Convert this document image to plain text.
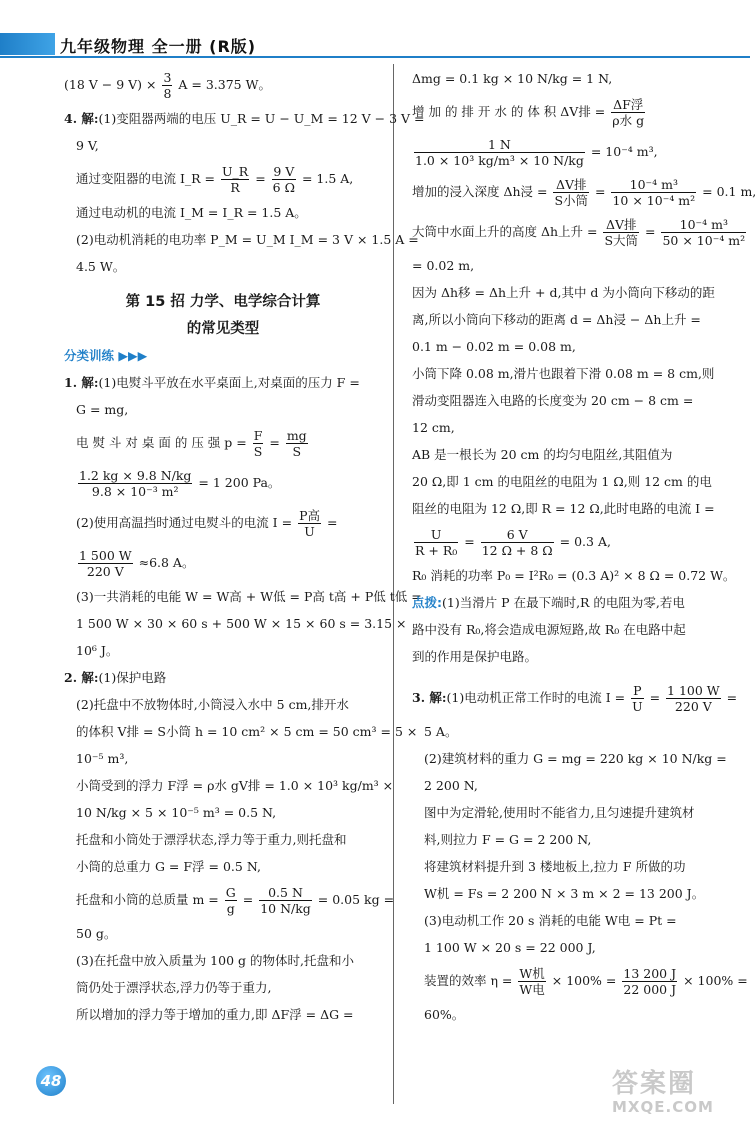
九年级物理 全一册 (R版)

(18 V − 9 $V) \times \frac{3}{8}$ A = 3.375 W。

4. 解:(1)变阻器两端的电压 U_R = U − U_M = 12 V − 3 V =

9 V,

通过变阻器的电流 I_R = $\frac{U\_R}{R} = \frac{9 V}{6 \Omega} = 1.5$ A,

通过电动机的电流 I_M = I_R = 1.5 A。

(2)电动机消耗的电功率 P_M = U_M I_M = 3 V × 1.5 A =

4.5 W。

第 15 招 力学、电学综合计算

的常见类型

分类训练 ▶▶▶

1. 解:(1)电熨斗平放在水平桌面上,对桌面的压力 F =

G = mg,

电 熨 斗 对 桌 面 的 压 强 $p = \frac{F}{S} = \frac{mg}{S}$

$\frac{1.2 kg \times 9.8 N/kg}{\text{9.8 × 10⁻³ m²}} = 1$ 200 Pa。

(2)使用高温挡时通过电熨斗的电流 $I = \frac{\text{P高}}{U}$ =

$\frac{1 500 W}{220 V} \approx 6.8$ A。

(3)一共消耗的电能 W = W高 + W低 = P高 t高 + P低 t低 =

1 500 W × 30 × 60 s + 500 W × 15 × 60 s = 3.15 ×

10⁶ J。

2. 解:(1)保护电路

(2)托盘中不放物体时,小筒浸入水中 5 cm,排开水

的体积 V排 = S小筒 h = 10 cm² × 5 cm = 50 cm³ = 5 ×

10⁻⁵ m³,

小筒受到的浮力 F浮 = ρ水 gV排 = 1.0 × 10³ kg/m³ ×

10 N/kg × 5 × 10⁻⁵ m³ = 0.5 N,

托盘和小筒处于漂浮状态,浮力等于重力,则托盘和

小筒的总重力 G = F浮 = 0.5 N,

托盘和小筒的总质量 $m = \frac{G}{g} = \frac{0.5 N}{10 N/kg} = 0.05$ kg =

50 g。

(3)在托盘中放入质量为 100 g 的物体时,托盘和小

筒仍处于漂浮状态,浮力仍等于重力,

所以增加的浮力等于增加的重力,即 ΔF浮 = ΔG =

Δmg = 0.1 kg × 10 N/kg = 1 N,

增 加 的 排 开 水 的 体 积 ΔV排 = $\frac{\text{ΔF浮}}{\text{ρ水 g}}$

$\frac{1 N}{\text{1.0 × 10³ kg/m³ × 10 N/kg}} = 10^{-4}$ m³,

增加的浸入深度 Δh浸 = $\frac{\text{ΔV排}}{\text{S小筒}} = \frac{\text{10⁻⁴ m³}}{\text{10 × 10⁻⁴ m²}} = 0.1$ m,

大筒中水面上升的高度 Δh上升 = $\frac{\text{ΔV排}}{\text{S大筒}} = \frac{\text{10⁻⁴ m³}}{\text{50 × 10⁻⁴ m²}}$

= 0.02 m,

因为 Δh移 = Δh上升 + d,其中 d 为小筒向下移动的距

离,所以小筒向下移动的距离 d = Δh浸 − Δh上升 =

0.1 m − 0.02 m = 0.08 m,

小筒下降 0.08 m,滑片也跟着下滑 0.08 m = 8 cm,则

滑动变阻器连入电路的长度变为 20 cm − 8 cm =

12 cm,

AB 是一根长为 20 cm 的均匀电阻丝,其阻值为

20 Ω,即 1 cm 的电阻丝的电阻为 1 Ω,则 12 cm 的电

阻丝的电阻为 12 Ω,即 R = 12 Ω,此时电路的电流 I =

$\frac{U}{\text{R + R₀}} = \frac{6 V}{12 \Omega + 8 \Omega} = 0.3$ A,

R₀ 消耗的功率 P₀ = I²R₀ = (0.3 A)² × 8 Ω = 0.72 W。

点拨:(1)当滑片 P 在最下端时,R 的电阻为零,若电

路中没有 R₀,将会造成电源短路,故 R₀ 在电路中起

到的作用是保护电路。

3. 解:(1)电动机正常工作时的电流 $I = \frac{P}{U} = \frac{1 100 W}{220 V}$ =

5 A。

(2)建筑材料的重力 G = mg = 220 kg × 10 N/kg =

2 200 N,

图中为定滑轮,使用时不能省力,且匀速提升建筑材

料,则拉力 F = G = 2 200 N,

将建筑材料提升到 3 楼地板上,拉力 F 所做的功

W机 = Fs = 2 200 N × 3 m × 2 = 13 200 J。

(3)电动机工作 20 s 消耗的电能 W电 = Pt =

1 100 W × 20 s = 22 000 J,

装置的效率 $\eta = \frac{\text{W机}}{\text{W电}} \times 100\% = \frac{13 200 J}{22 000 J} \times 100\%$ =

60%。

48	答案圈
MXQE.COM
